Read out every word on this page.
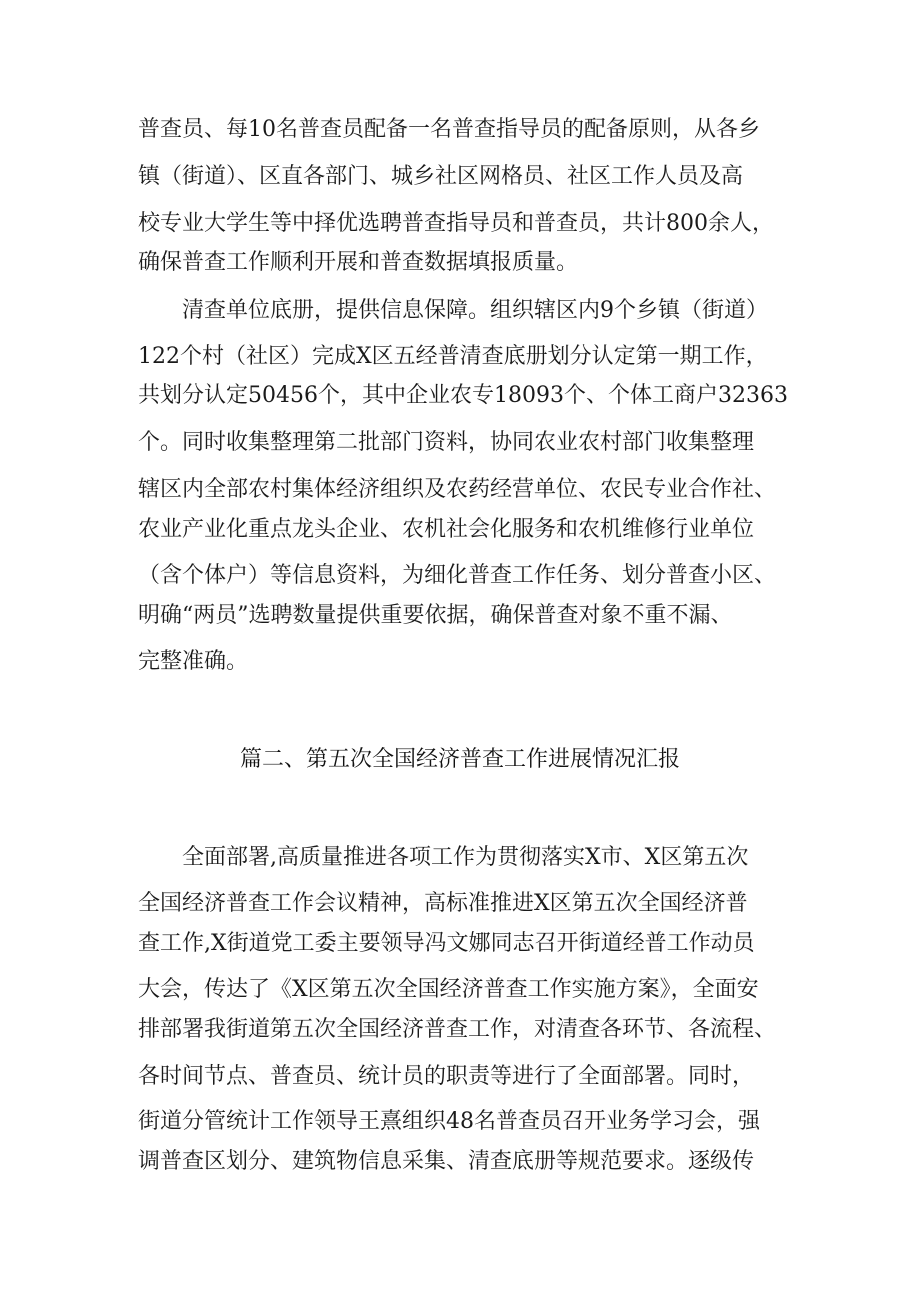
普查员、每10名普查员配备一名普查指导员的配备原则，从各乡
镇（街道）、区直各部门、城乡社区网格员、社区工作人员及高
校专业大学生等中择优选聘普查指导员和普查员，共计800余人，
确保普查工作顺利开展和普查数据填报质量。
清查单位底册，提供信息保障。组织辖区内9个乡镇（街道）
122个村（社区）完成X区五经普清查底册划分认定第一期工作，
共划分认定50456个，其中企业农专18093个、个体工商户32363
个。同时收集整理第二批部门资料，协同农业农村部门收集整理
辖区内全部农村集体经济组织及农药经营单位、农民专业合作社、
农业产业化重点龙头企业、农机社会化服务和农机维修行业单位
（含个体户）等信息资料，为细化普查工作任务、划分普查小区、
明确“两员”选聘数量提供重要依据，确保普查对象不重不漏、
完整准确。
篇二、第五次全国经济普查工作进展情况汇报
全面部署,高质量推进各项工作为贯彻落实X市、X区第五次
全国经济普查工作会议精神，高标准推进X区第五次全国经济普
查工作,X街道党工委主要领导冯文娜同志召开街道经普工作动员
大会，传达了《X区第五次全国经济普查工作实施方案》，全面安
排部署我街道第五次全国经济普查工作，对清查各环节、各流程、
各时间节点、普查员、统计员的职责等进行了全面部署。同时，
街道分管统计工作领导王熹组织48名普查员召开业务学习会，强
调普查区划分、建筑物信息采集、清查底册等规范要求。逐级传
